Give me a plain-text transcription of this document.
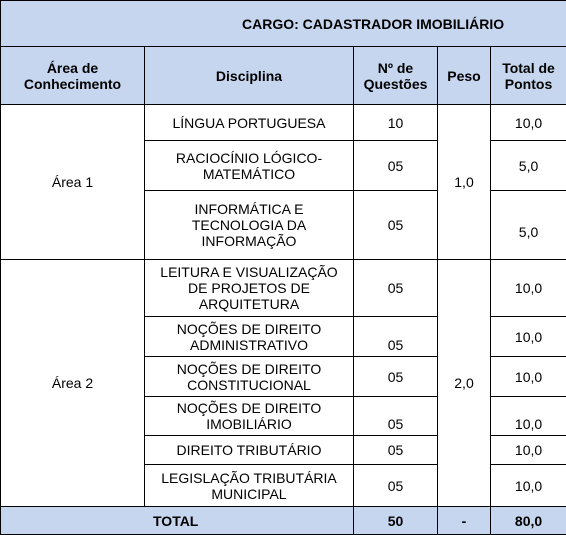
CARGO: CADASTRADOR IMOBILIÁRIO				
Área de Conhecimento	Disciplina	Nº de Questões	Peso	Total de Pontos
Área 1	LÍNGUA PORTUGUESA	10	1,0	10,0
	RACIOCÍNIO LÓGICO-MATEMÁTICO	05		5,0
	INFORMÁTICA E TECNOLOGIA DA INFORMAÇÃO	05		5,0
Área 2	LEITURA E VISUALIZAÇÃO DE PROJETOS DE ARQUITETURA	05	2,0	10,0
	NOÇÕES DE DIREITO ADMINISTRATIVO	05		10,0
	NOÇÕES DE DIREITO CONSTITUCIONAL	05		10,0
	NOÇÕES DE DIREITO IMOBILIÁRIO	05		10,0
	DIREITO TRIBUTÁRIO	05		10,0
	LEGISLAÇÃO TRIBUTÁRIA MUNICIPAL	05		10,0
TOTAL		50	-	80,0
